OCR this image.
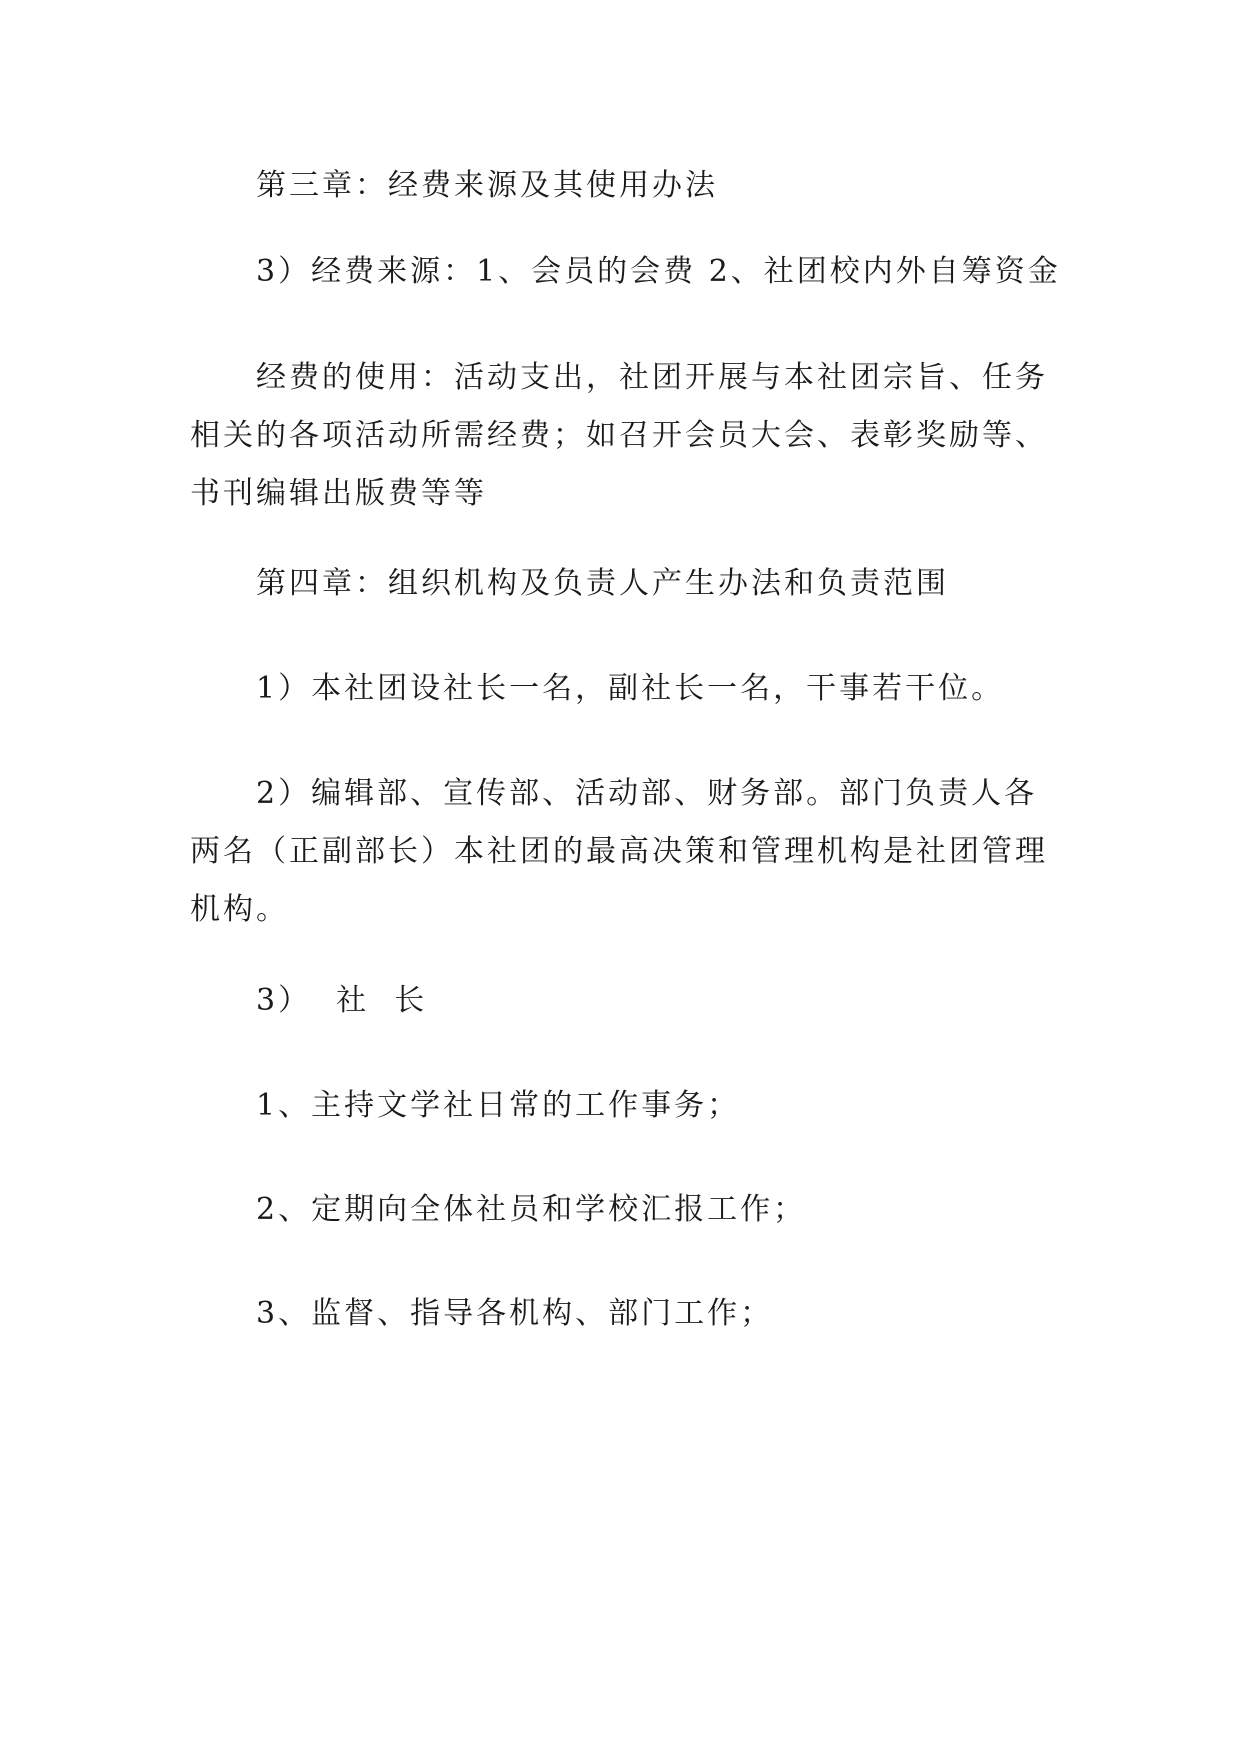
第三章：经费来源及其使用办法

3）经费来源：1、会员的会费 2、社团校内外自筹资金

经费的使用：活动支出，社团开展与本社团宗旨、任务相关的各项活动所需经费；如召开会员大会、表彰奖励等、书刊编辑出版费等等

第四章：组织机构及负责人产生办法和负责范围

1）本社团设社长一名，副社长一名，干事若干位。

2）编辑部、宣传部、活动部、财务部。部门负责人各两名（正副部长）本社团的最高决策和管理机构是社团管理机构。

3）  社  长

1、主持文学社日常的工作事务；

2、定期向全体社员和学校汇报工作；

3、监督、指导各机构、部门工作；
